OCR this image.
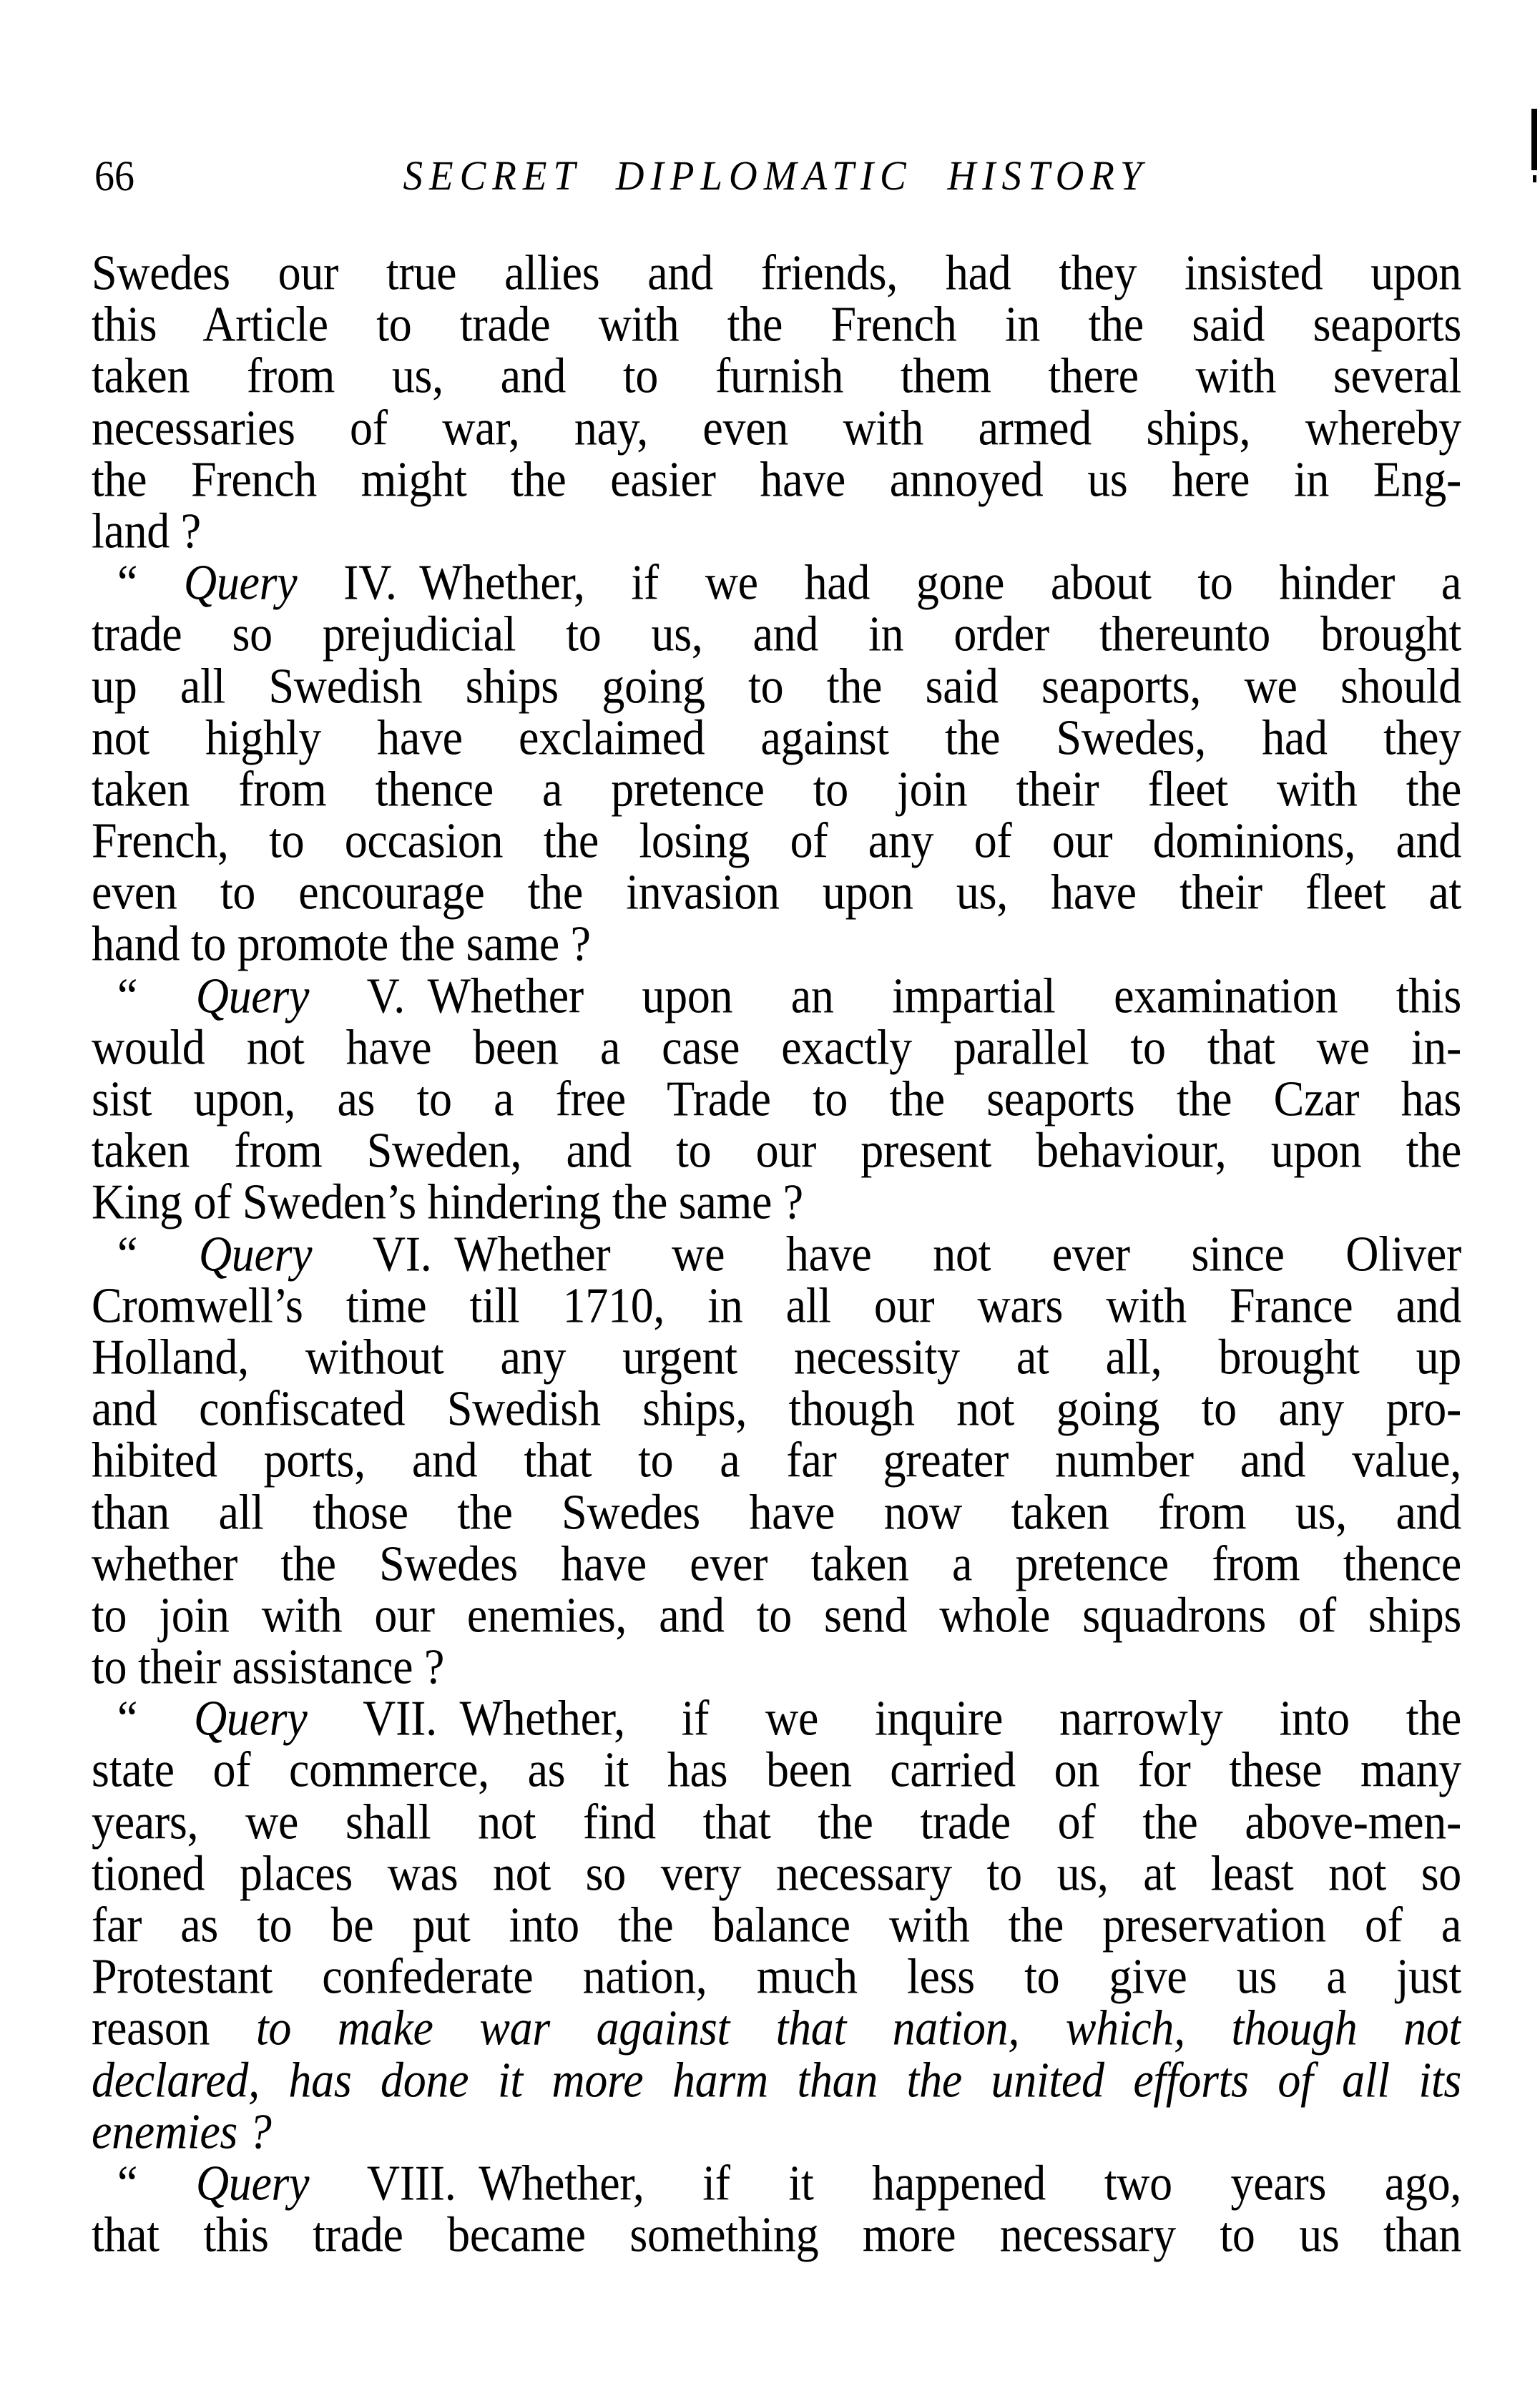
66	SECRET DIPLOMATIC HISTORY
Swedes our true allies and friends, had they insisted upon
this Article to trade with the French in the said seaports
taken from us, and to furnish them there with several
necessaries of war, nay, even with armed ships, whereby
the French might the easier have annoyed us here in Eng-
land ?
“ Query IV. Whether, if we had gone about to hinder a
trade so prejudicial to us, and in order thereunto brought
up all Swedish ships going to the said seaports, we should
not highly have exclaimed against the Swedes, had they
taken from thence a pretence to join their fleet with the
French, to occasion the losing of any of our dominions, and
even to encourage the invasion upon us, have their fleet at
hand to promote the same ?
“ Query V. Whether upon an impartial examination this
would not have been a case exactly parallel to that we in-
sist upon, as to a free Trade to the seaports the Czar has
taken from Sweden, and to our present behaviour, upon the
King of Sweden’s hindering the same ?
“ Query VI. Whether we have not ever since Oliver
Cromwell’s time till 1710, in all our wars with France and
Holland, without any urgent necessity at all, brought up
and confiscated Swedish ships, though not going to any pro-
hibited ports, and that to a far greater number and value,
than all those the Swedes have now taken from us, and
whether the Swedes have ever taken a pretence from thence
to join with our enemies, and to send whole squadrons of ships
to their assistance ?
“ Query VII. Whether, if we inquire narrowly into the
state of commerce, as it has been carried on for these many
years, we shall not find that the trade of the above-men-
tioned places was not so very necessary to us, at least not so
far as to be put into the balance with the preservation of a
Protestant confederate nation, much less to give us a just
reason to make war against that nation, which, though not
declared, has done it more harm than the united efforts of all its
enemies ?
“ Query VIII. Whether, if it happened two years ago,
that this trade became something more necessary to us than
